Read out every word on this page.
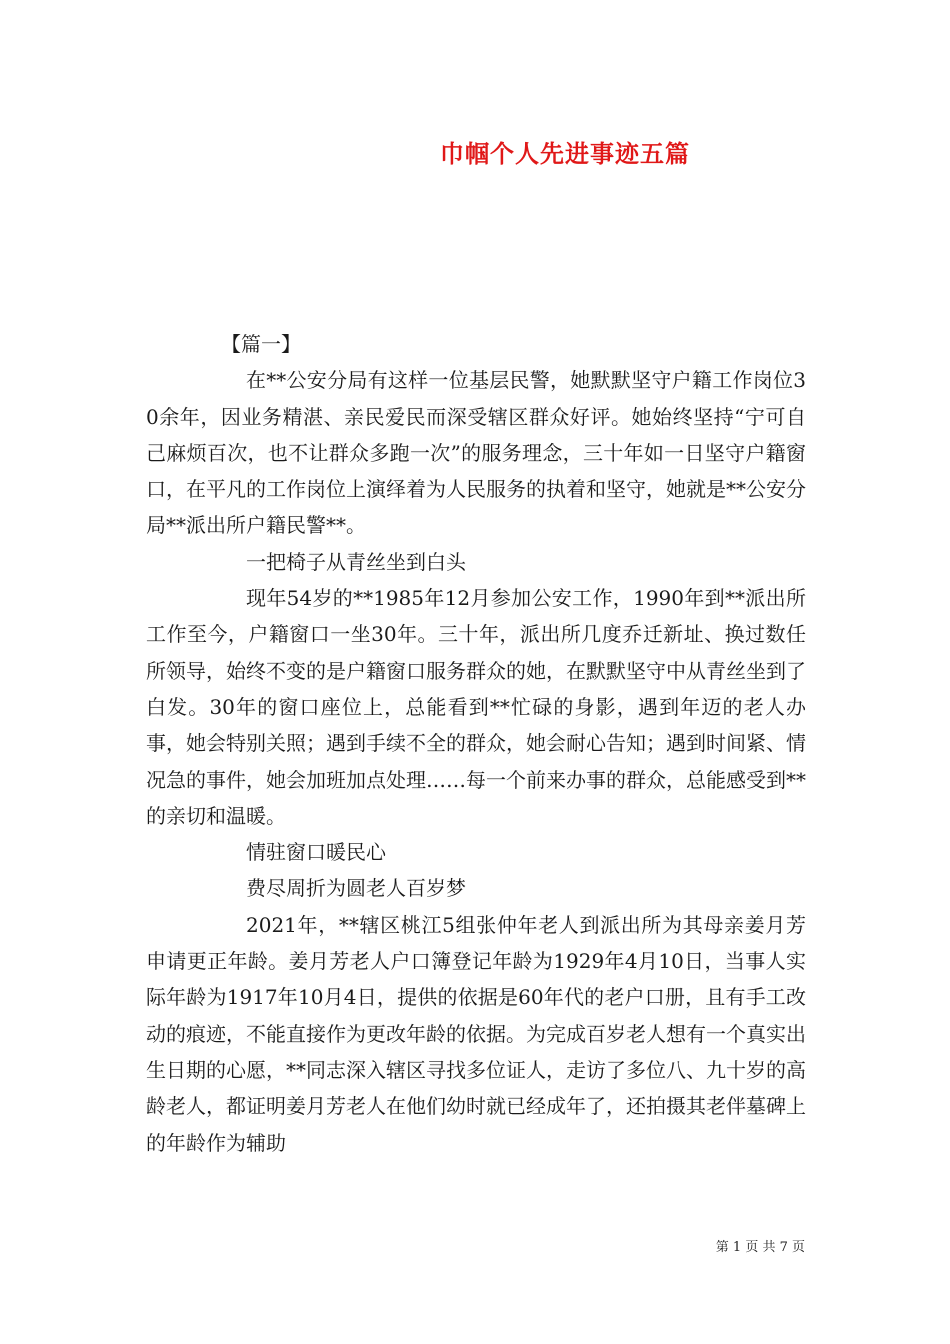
巾帼个人先进事迹五篇

【篇一】

在**公安分局有这样一位基层民警，她默默坚守户籍工作岗位30余年，因业务精湛、亲民爱民而深受辖区群众好评。她始终坚持“宁可自己麻烦百次，也不让群众多跑一次”的服务理念，三十年如一日坚守户籍窗口，在平凡的工作岗位上演绎着为人民服务的执着和坚守，她就是**公安分局**派出所户籍民警**。

一把椅子从青丝坐到白头

现年54岁的**1985年12月参加公安工作，1990年到**派出所工作至今，户籍窗口一坐30年。三十年，派出所几度乔迁新址、换过数任所领导，始终不变的是户籍窗口服务群众的她，在默默坚守中从青丝坐到了白发。30年的窗口座位上，总能看到**忙碌的身影，遇到年迈的老人办事，她会特别关照；遇到手续不全的群众，她会耐心告知；遇到时间紧、情况急的事件，她会加班加点处理……每一个前来办事的群众，总能感受到**的亲切和温暖。

情驻窗口暖民心

费尽周折为圆老人百岁梦

2021年，**辖区桃江5组张仲年老人到派出所为其母亲姜月芳申请更正年龄。姜月芳老人户口簿登记年龄为1929年4月10日，当事人实际年龄为1917年10月4日，提供的依据是60年代的老户口册，且有手工改动的痕迹，不能直接作为更改年龄的依据。为完成百岁老人想有一个真实出生日期的心愿，**同志深入辖区寻找多位证人，走访了多位八、九十岁的高龄老人，都证明姜月芳老人在他们幼时就已经成年了，还拍摄其老伴墓碑上的年龄作为辅助

第 1 页 共 7 页
